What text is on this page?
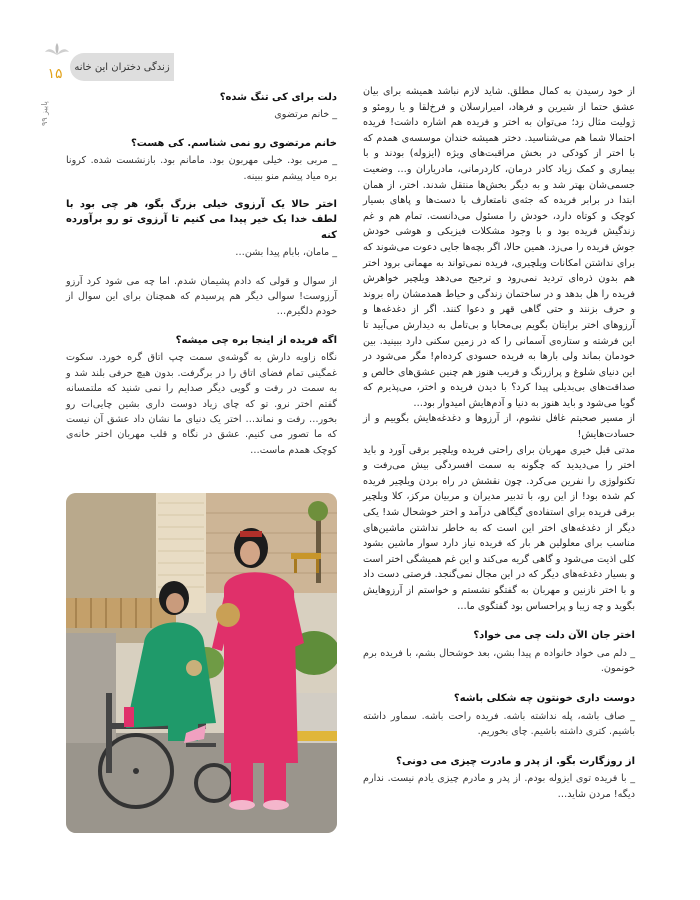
زندگی دختران این خانه
۱۵
پاییز ۹۹

از خود رسیدن به کمال مطلق. شاید لازم نباشد همیشه برای بیان عشق حتما از شیرین و فرهاد، امیرارسلان و فرخ‌لقا و یا رومئو و ژولیت مثال زد؛ می‌توان به اختر و فریده هم اشاره داشت! فریده احتمالا شما هم می‌شناسید. دختر همیشه خندان موسسه‌ی همدم که با اختر از کودکی در بخش مراقبت‌های ویژه (ایزوله) بودند و با بیماری و کمک زیاد کادر درمان، کاردرمانی، مادریاران و… وضعیت جسمی‌شان بهتر شد و به دیگر بخش‌ها منتقل شدند. اختر، از همان ابتدا در برابر فریده که جثه‌ی نامتعارف با دست‌ها و پاهای بسیار کوچک و کوتاه دارد، خودش را مسئول می‌دانست. تمام هم و غم زندگیش فریده بود و با وجود مشکلات فیزیکی و هوشی خودش جوش فریده را می‌زد. همین حالا، اگر بچه‌ها جایی دعوت می‌شوند که برای نداشتن امکانات ویلچیری، فریده نمی‌تواند به مهمانی برود اختر هم بدون ذره‌ای تردید نمی‌رود و ترجیح می‌دهد ویلچیر خواهرش فریده را هل بدهد و در ساختمان زندگی و حیاط همدمشان راه بروند و حرف بزنند و حتی گاهی قهر و دعوا کنند. اگر از دغدغه‌ها و آرزوهای اختر برایتان بگویم بی‌محابا و بی‌تامل به دیدارش می‌آیید تا این فرشته و ستاره‌ی آسمانی را که در زمین سکنی دارد ببینید. بین خودمان بماند ولی بارها به فریده حسودی کرده‌ام! مگر می‌شود در این دنیای شلوغ و پرازرنگ و فریب هنوز هم چنین عشق‌های خالص و صداقت‌های بی‌بدیلی پیدا کرد؟ با دیدن فریده و اختر، می‌پذیرم که گویا می‌شود و باید هنوز به دنیا و آدم‌هایش امیدوار بود…

از مسیر صحبتم غافل نشوم، از آرزوها و دغدغه‌هایش بگوییم و از حسادت‌هایش!

مدتی قبل خیری مهربان برای راحتی فریده ویلچیر برقی آورد و باید اختر را می‌دیدید که چگونه به سمت افسردگی بیش می‌رفت و تکنولوژی را نفرین می‌کرد. چون نقشش در راه بردن ویلچیر فریده کم شده بود! از این رو، با تدبیر مدیران و مربیان مرکز، کلا ویلچیر برقی فریده برای استفاده‌ی گیگاهی درآمد و اختر خوشحال شد! یکی دیگر از دغدغه‌های اختر این است که به خاطر نداشتن ماشین‌های مناسب برای معلولین هر بار که فریده نیاز دارد سوار ماشین بشود کلی اذیت می‌شود و گاهی گریه می‌کند و این غم همیشگی اختر است و بسیار دغدغه‌های دیگر که در این مجال نمی‌گنجد. فرصتی دست داد و با اختر نازنین و مهربان به گفتگو نشستم و خواستم از آرزوهایش بگوید و چه زیبا و پراحساس بود گفتگوی ما…

اختر جان الآن دلت چی می خواد؟
_ دلم می خواد خانواده م پیدا بشن، بعد خوشحال بشم، با فریده برم خونمون.
دوست داری خونتون چه شکلی باشه؟
_ صاف باشه، پله نداشته باشه. فریده راحت باشه. سماور داشته باشیم. کتری داشته باشیم. چای بخوریم.
از روزگارت بگو. از پدر و مادرت چیزی می دونی؟
_ با فریده توی ایزوله بودم. از پدر و مادرم چیزی یادم نیست. ندارم دیگه! مردن شاید…
دلت برای کی تنگ شده؟
_ خانم مرتضوی
خانم مرتضوی رو نمی شناسم. کی هست؟
_ مربی بود. خیلی مهربون بود. مامانم بود. بازنشست شده. کرونا بره میاد پیشم منو ببینه.
اختر حالا یک آرزوی خیلی بزرگ بگو، هر چی بود با لطف خدا یک خیر پیدا می کنیم تا آرزوی تو رو برآورده کنه
_ مامان، بابام پیدا بشن…
از سوال و قولی که دادم پشیمان شدم. اما چه می شود کرد آرزو آرزوست! سوالی دیگر هم پرسیدم که همچنان برای این سوال از خودم دلگیرم…
اگه فریده از اینجا بره چی میشه؟
نگاه زاویه دارش به گوشه‌ی سمت چپ اتاق گره خورد. سکوت غمگینی تمام فضای اتاق را در برگرفت. بدون هیچ حرفی بلند شد و به سمت در رفت و گویی دیگر صدایم را نمی شنید که ملتمسانه گفتم اختر نرو. تو که چای زیاد دوست داری بشین چایی‌ات رو بخور… رفت و نماند… اختر یک دنیای ما نشان داد عشق آن نیست که ما تصور می کنیم. عشق در نگاه و قلب مهربان اختر خانه‌ی کوچک همدم ماست…
